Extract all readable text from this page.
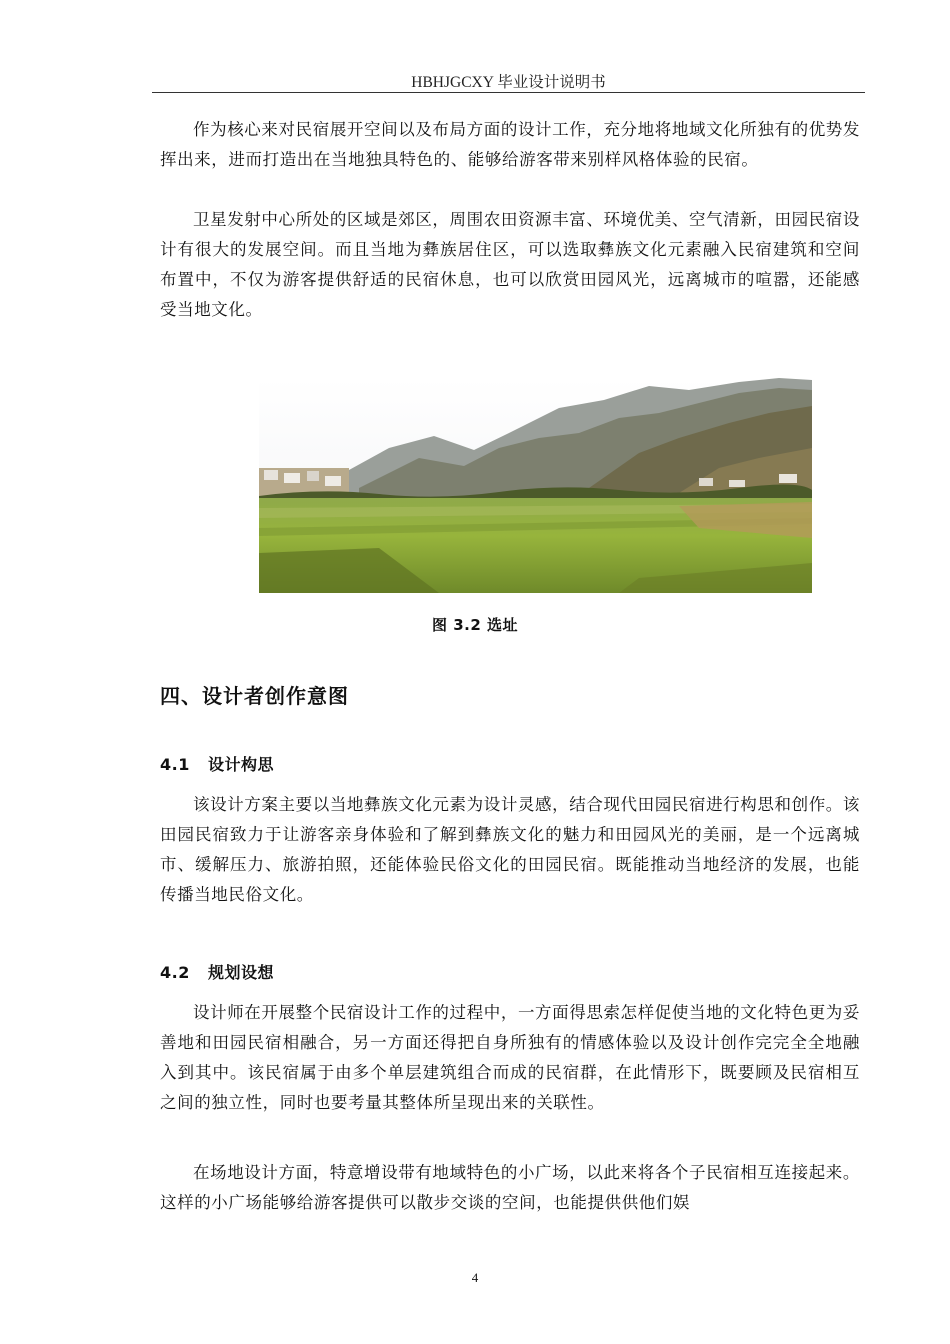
HBHJGCXY 毕业设计说明书

作为核心来对民宿展开空间以及布局方面的设计工作，充分地将地域文化所独有的优势发挥出来，进而打造出在当地独具特色的、能够给游客带来别样风格体验的民宿。

卫星发射中心所处的区域是郊区，周围农田资源丰富、环境优美、空气清新，田园民宿设计有很大的发展空间。而且当地为彝族居住区，可以选取彝族文化元素融入民宿建筑和空间布置中，不仅为游客提供舒适的民宿休息，也可以欣赏田园风光，远离城市的喧嚣，还能感受当地文化。

图 3.2 选址
四、设计者创作意图
4.1 设计构思

该设计方案主要以当地彝族文化元素为设计灵感，结合现代田园民宿进行构思和创作。该田园民宿致力于让游客亲身体验和了解到彝族文化的魅力和田园风光的美丽，是一个远离城市、缓解压力、旅游拍照，还能体验民俗文化的田园民宿。既能推动当地经济的发展，也能传播当地民俗文化。

4.2 规划设想

设计师在开展整个民宿设计工作的过程中，一方面得思索怎样促使当地的文化特色更为妥善地和田园民宿相融合，另一方面还得把自身所独有的情感体验以及设计创作完完全全地融入到其中。该民宿属于由多个单层建筑组合而成的民宿群，在此情形下，既要顾及民宿相互之间的独立性，同时也要考量其整体所呈现出来的关联性。

在场地设计方面，特意增设带有地域特色的小广场，以此来将各个子民宿相互连接起来。这样的小广场能够给游客提供可以散步交谈的空间，也能提供供他们娱

4
